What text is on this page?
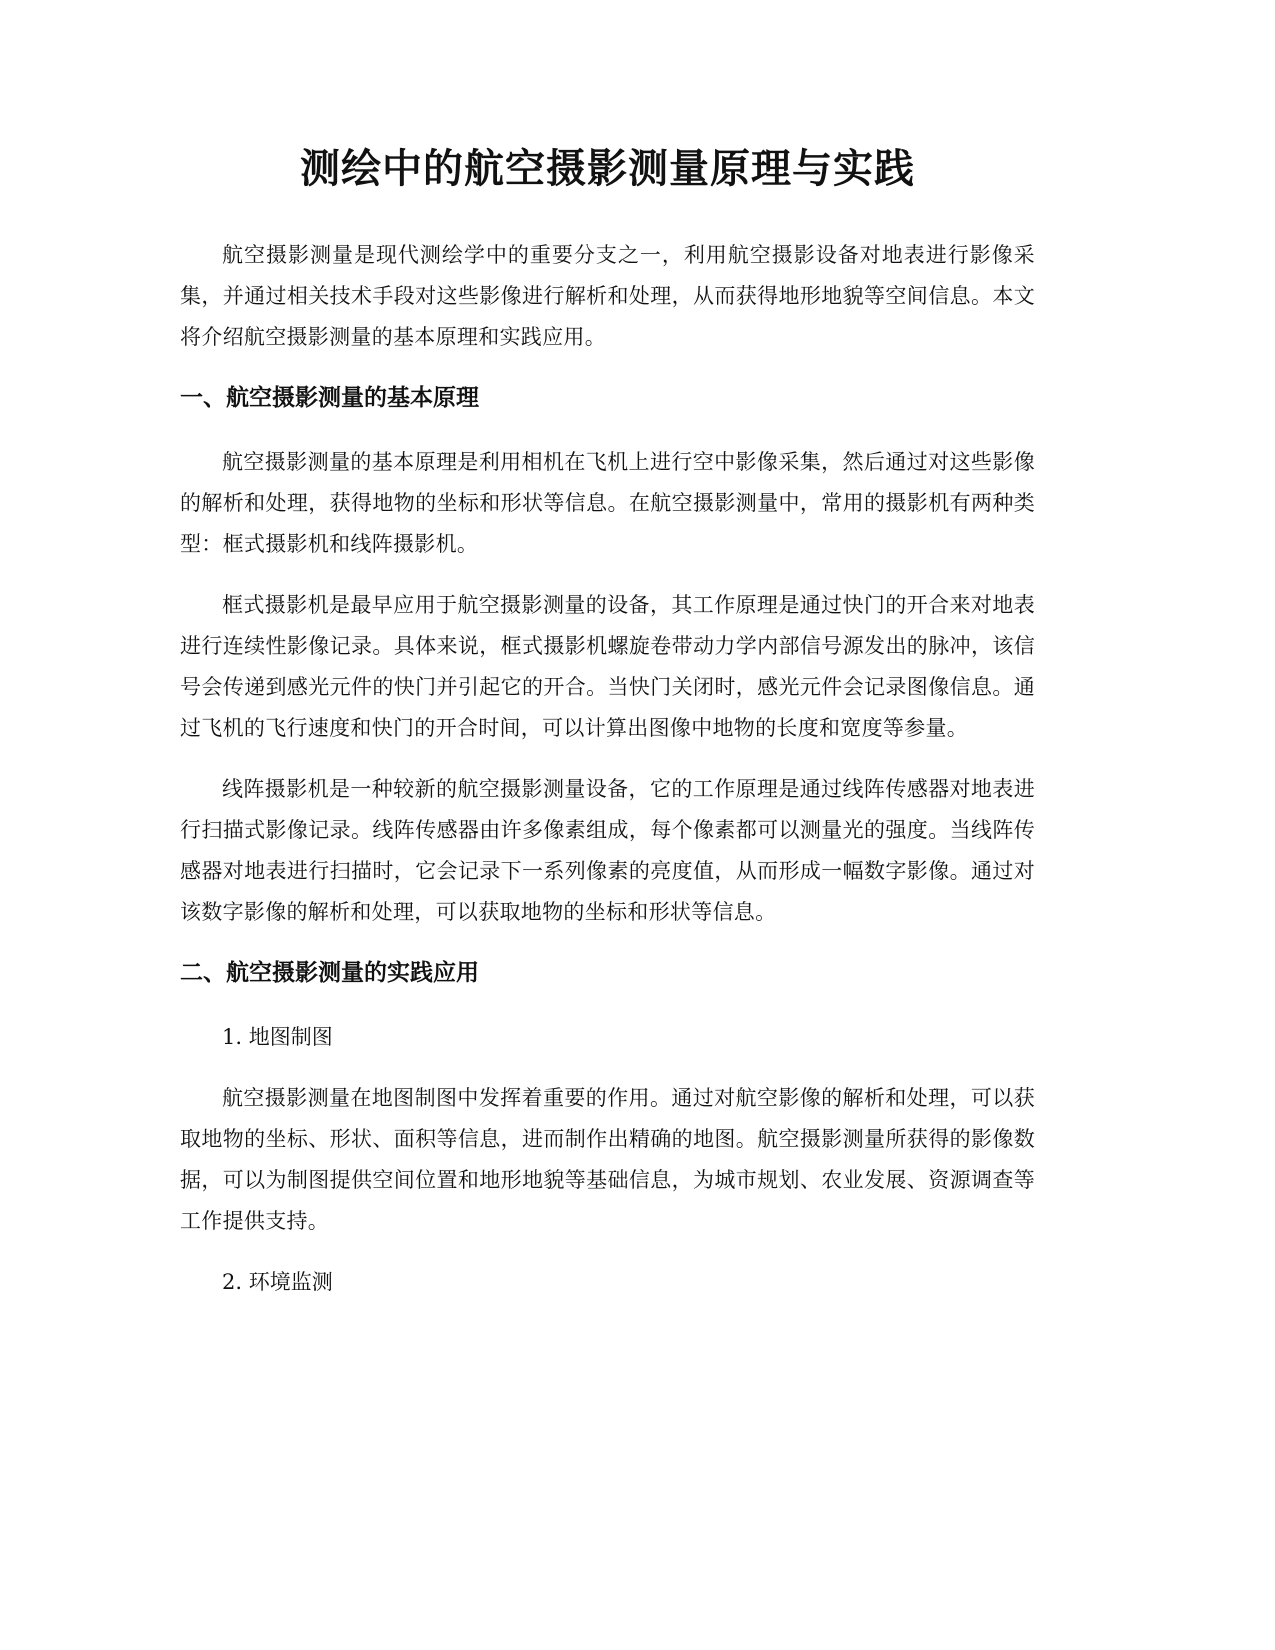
测绘中的航空摄影测量原理与实践

航空摄影测量是现代测绘学中的重要分支之一，利用航空摄影设备对地表进行影像采集，并通过相关技术手段对这些影像进行解析和处理，从而获得地形地貌等空间信息。本文将介绍航空摄影测量的基本原理和实践应用。

一、航空摄影测量的基本原理

航空摄影测量的基本原理是利用相机在飞机上进行空中影像采集，然后通过对这些影像的解析和处理，获得地物的坐标和形状等信息。在航空摄影测量中，常用的摄影机有两种类型：框式摄影机和线阵摄影机。

框式摄影机是最早应用于航空摄影测量的设备，其工作原理是通过快门的开合来对地表进行连续性影像记录。具体来说，框式摄影机螺旋卷带动力学内部信号源发出的脉冲，该信号会传递到感光元件的快门并引起它的开合。当快门关闭时，感光元件会记录图像信息。通过飞机的飞行速度和快门的开合时间，可以计算出图像中地物的长度和宽度等参量。

线阵摄影机是一种较新的航空摄影测量设备，它的工作原理是通过线阵传感器对地表进行扫描式影像记录。线阵传感器由许多像素组成，每个像素都可以测量光的强度。当线阵传感器对地表进行扫描时，它会记录下一系列像素的亮度值，从而形成一幅数字影像。通过对该数字影像的解析和处理，可以获取地物的坐标和形状等信息。

二、航空摄影测量的实践应用

1. 地图制图

航空摄影测量在地图制图中发挥着重要的作用。通过对航空影像的解析和处理，可以获取地物的坐标、形状、面积等信息，进而制作出精确的地图。航空摄影测量所获得的影像数据，可以为制图提供空间位置和地形地貌等基础信息，为城市规划、农业发展、资源调查等工作提供支持。

2. 环境监测
